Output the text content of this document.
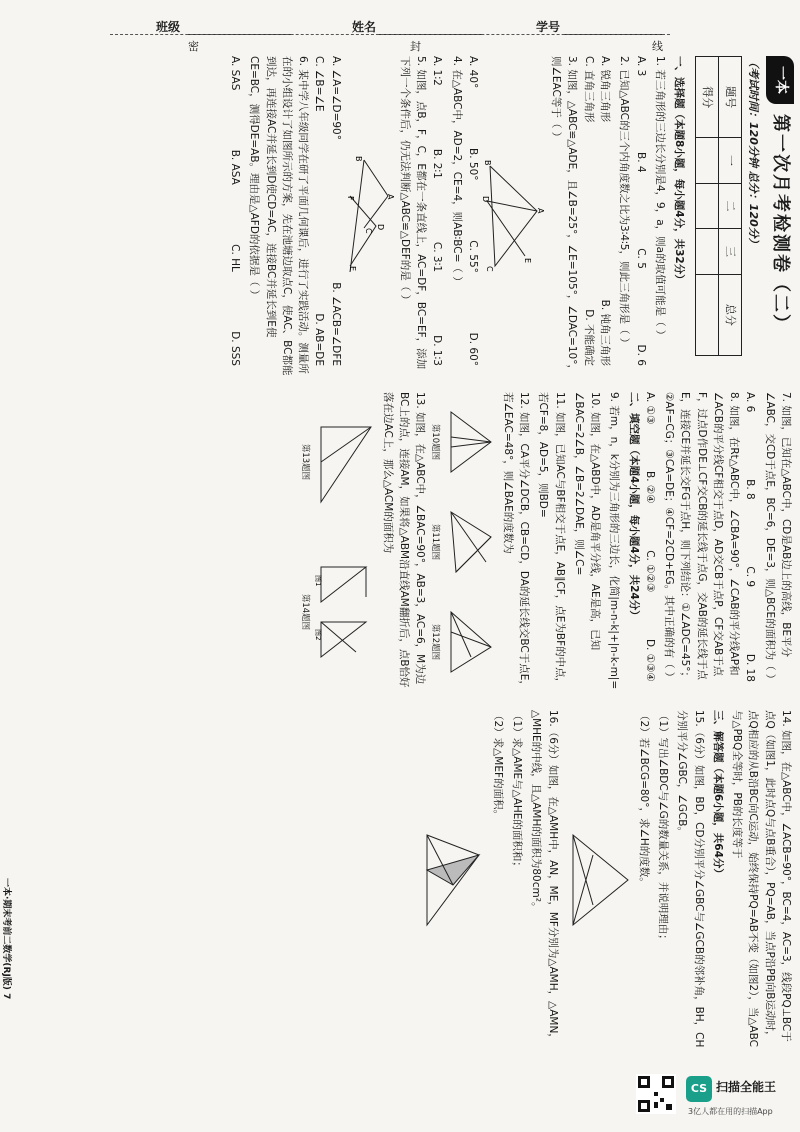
班级	姓名	学号
密	封	线
一本
第一次月考检测卷（二）

（考试时间：120分钟 总分：120分）

题号	一	二	三	总分
得分				

一、选择题（本题8小题，每小题4分，共32分）

1. 若三角形的三边长分别是4，9，a，则a的取值可能是（ ）

A. 3
B. 4
C. 5
D. 6

2. 已知△ABC的三个内角度数之比为3∶4∶5，则此三角形是（ ）

A. 锐角三角形
B. 钝角三角形
C. 直角三角形
D. 不能确定

3. 如图，△ABC≌△ADE，且∠B=25°，∠E=105°，∠DAC=10°，则∠EAC等于（ ）

B
A
C
D
E
A. 40°
B. 50°
C. 55°
D. 60°

4. 在△ABC中，AD=2，CE=4，则AB∶BC=（ ）

A. 1∶2
B. 2∶1
C. 3∶1
D. 1∶3

5. 如图，点B，F，C，E都在一条直线上，AC=DF，BC=EF，添加下列一个条件后，仍无法判断△ABC≌△DEF的是（ ）

A
B
F
C
D
E
A. ∠A=∠D=90°
B. ∠ACB=∠DFE
C. ∠B=∠E
D. AB=DE

6. 某中学八年级同学在研了平面几何课后，进行了实践活动。测量所在的小组设计了如图所示的方案，先在池塘边取点C，使AC、BC都能到达，再连接AC并延长到D使CD=AC，连接BC并延长到E使CE=BC，测得DE=AB。理由是△AFD的依据是（ ）

A. SAS
B. ASA
C. HL
D. SSS

7. 如图，已知在△ABC中，CD是AB边上的高线，BE平分∠ABC，交CD于点E，BC=6，DE=3，则△BCE的面积为（ ）

A. 6
B. 8
C. 9
D. 18

8. 如图，在Rt△ABC中，∠CBA=90°，∠CAB的平分线AP和∠ACB的平分线CF相交于点D，AD交CB于点P，CF交AB于点F，过点D作DE⊥CF交CB的延长线于点G，交AB的延长线于点E，连接CE并延长交FG于点H，则下列结论：①∠ADC=45°；②AF=CG；③CA=DE；④CF=2CD+EG。其中正确的有（ ）

A. ①③
B. ②④
C. ①②③
D. ①③④

二、填空题（本题4小题，每小题4分，共24分）

9. 若m，n，k分别为三角形的三边长，化简|m-n-k|+|n-k-m|=

10. 如图，在△ABD中，AD是角平分线，AE是高，已知∠BAC=2∠B，∠B=2∠DAE，则∠C=

11. 如图，已知AC与BF相交于点E，AB∥CF，点E为BF的中点，若CF=8，AD=5，则BD=

12. 如图，CA平分∠DCB，CB=CD，DA的延长线交BC于点E，若∠EAC=48°，则∠BAE的度数为

第10题图
第11题图
第12题图

13. 如图，在△ABC中，∠BAC=90°，AB=3，AC=6，M为边BC上的点，连接AM，如果将△ABM沿直线AM翻折后，点B恰好落在边AC上，那么△ACM的面积为

第13题图
图1
图2
第14题图

14. 如图，在△ABC中，∠ACB=90°，BC=4，AC=3，线段PQ⊥BC于点Q（如图1，此时点Q与点B重合），PQ=AB，当点P沿PB向B运动时，点Q相应的从B沿BC向C运动，始终保持PQ=AB不变（如图2），当△ABC与△PBQ全等时，PB的长度等于

三、解答题（本题6小题，共64分）

15.（6分）如图，BD，CD分别平分∠GBC与∠GCB的邻补角，BH，CH分别平分∠GBC，∠GCB。

（1）写出∠BDC与∠G的数量关系，并说明理由；

（2）若∠BCG=80°，求∠H的度数。

16.（6分）如图，在△AMH中，AN，ME，MF分别为△AMH，△AMN，△MHE的中线，且△AMH的面积为80cm²。

（1）求△AME与△AHE的面积和；

（2）求△MEF的面积。

一本·期末考前二数学(RJ版) 7
CS 扫描全能王
3亿人都在用的扫描App
